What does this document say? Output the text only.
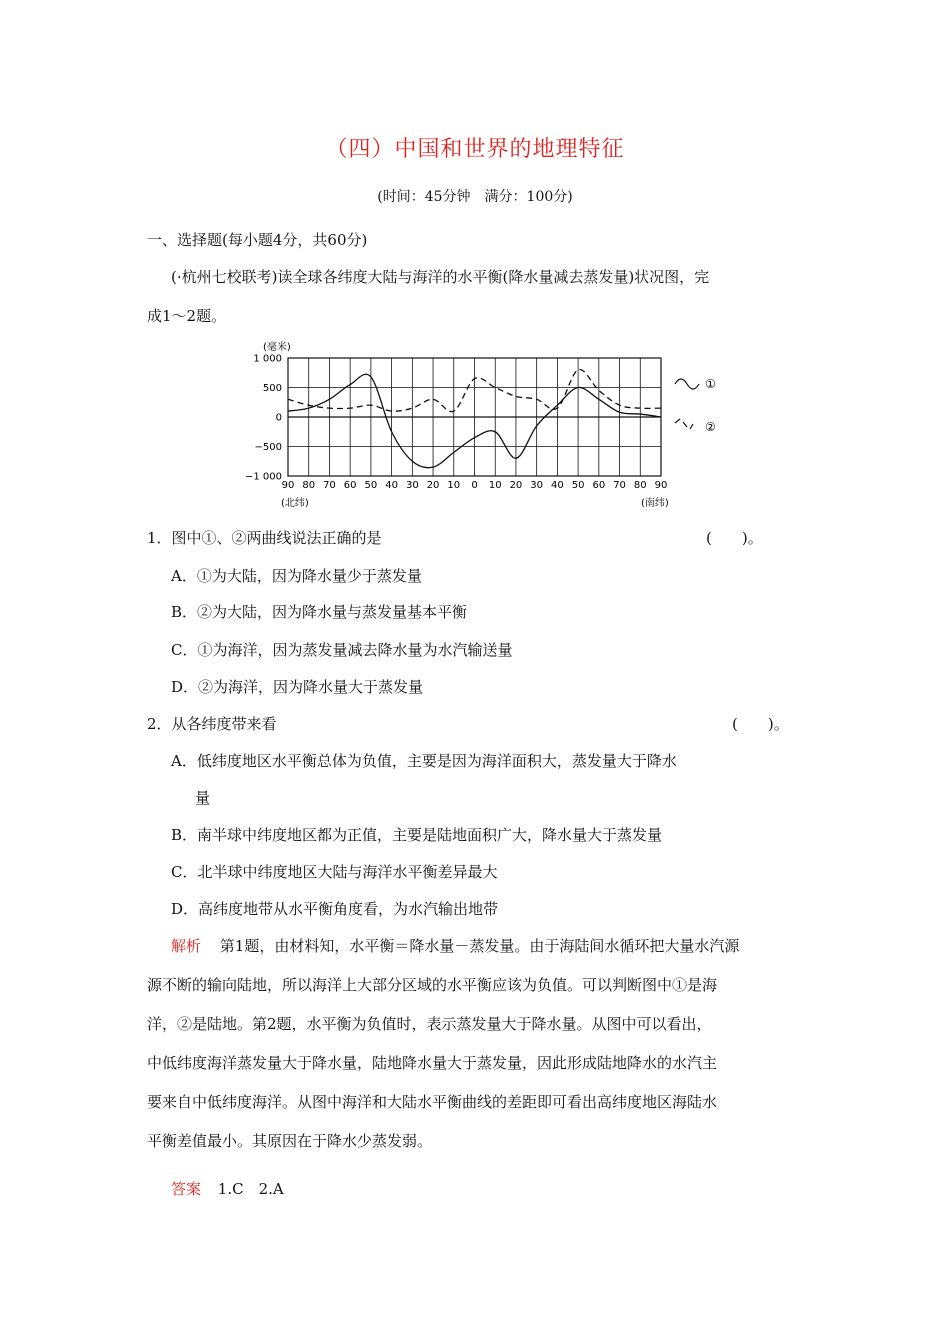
（四）中国和世界的地理特征
(时间：45分钟　满分：100分)
一、选择题(每小题4分，共60分)
(·杭州七校联考)读全球各纬度大陆与海洋的水平衡(降水量减去蒸发量)状况图，完
成1～2题。
1 000
500
0
−500
−1 000
90 80 70 60 50 40 30 20 10 0 10 20 30 40 50 60 70 80 90
(毫米)
(北纬)	(南纬)
①
②
1．图中①、②两曲线说法正确的是	(　　)。
A．①为大陆，因为降水量少于蒸发量
B．②为大陆，因为降水量与蒸发量基本平衡
C．①为海洋，因为蒸发量减去降水量为水汽输送量
D．②为海洋，因为降水量大于蒸发量
2．从各纬度带来看	(　　)。
A．低纬度地区水平衡总体为负值，主要是因为海洋面积大，蒸发量大于降水
量
B．南半球中纬度地区都为正值，主要是陆地面积广大，降水量大于蒸发量
C．北半球中纬度地区大陆与海洋水平衡差异最大
D．高纬度地带从水平衡角度看，为水汽输出地带
解析 第1题，由材料知，水平衡＝降水量－蒸发量。由于海陆间水循环把大量水汽源
源不断的输向陆地，所以海洋上大部分区域的水平衡应该为负值。可以判断图中①是海
洋，②是陆地。第2题，水平衡为负值时，表示蒸发量大于降水量。从图中可以看出，
中低纬度海洋蒸发量大于降水量，陆地降水量大于蒸发量，因此形成陆地降水的水汽主
要来自中低纬度海洋。从图中海洋和大陆水平衡曲线的差距即可看出高纬度地区海陆水
平衡差值最小。其原因在于降水少蒸发弱。
答案 1.C　2.A
